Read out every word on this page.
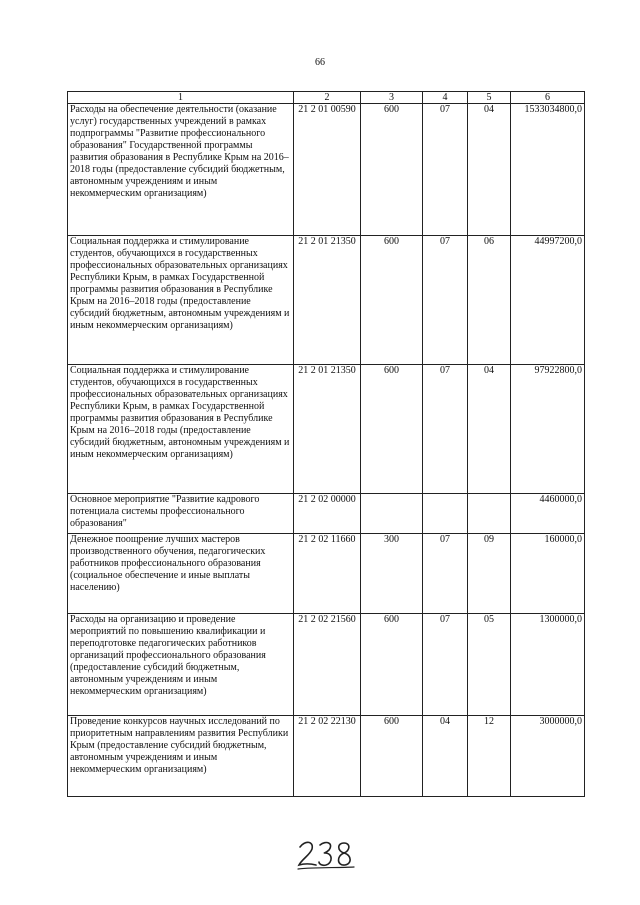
66
1	2	3	4	5	6
Расходы на обеспечение деятельности (оказание услуг) государственных учреждений в рамках подпрограммы "Развитие профессионального образования" Государственной программы развития образования в Республике Крым на 2016–2018 годы (предоставление субсидий бюджетным, автономным учреждениям и иным некоммерческим организациям)	21 2 01 00590	600	07	04	1533034800,0
Социальная поддержка и стимулирование студентов, обучающихся в государственных профессиональных образовательных организациях Республики Крым, в рамках Государственной программы развития образования в Республике Крым на 2016–2018 годы (предоставление субсидий бюджетным, автономным учреждениям и иным некоммерческим организациям)	21 2 01 21350	600	07	06	44997200,0
Социальная поддержка и стимулирование студентов, обучающихся в государственных профессиональных образовательных организациях Республики Крым, в рамках Государственной программы развития образования в Республике Крым на 2016–2018 годы (предоставление субсидий бюджетным, автономным учреждениям и иным некоммерческим организациям)	21 2 01 21350	600	07	04	97922800,0
Основное мероприятие "Развитие кадрового потенциала системы профессионального образования"	21 2 02 00000				4460000,0
Денежное поощрение лучших мастеров производственного обучения, педагогических работников профессионального образования (социальное обеспечение и иные выплаты населению)	21 2 02 11660	300	07	09	160000,0
Расходы на организацию и проведение мероприятий по повышению квалификации и переподготовке педагогических работников организаций профессионального образования (предоставление субсидий бюджетным, автономным учреждениям и иным некоммерческим организациям)	21 2 02 21560	600	07	05	1300000,0
Проведение конкурсов научных исследований по приоритетным направлениям развития Республики Крым (предоставление субсидий бюджетным, автономным учреждениям и иным некоммерческим организациям)	21 2 02 22130	600	04	12	3000000,0
